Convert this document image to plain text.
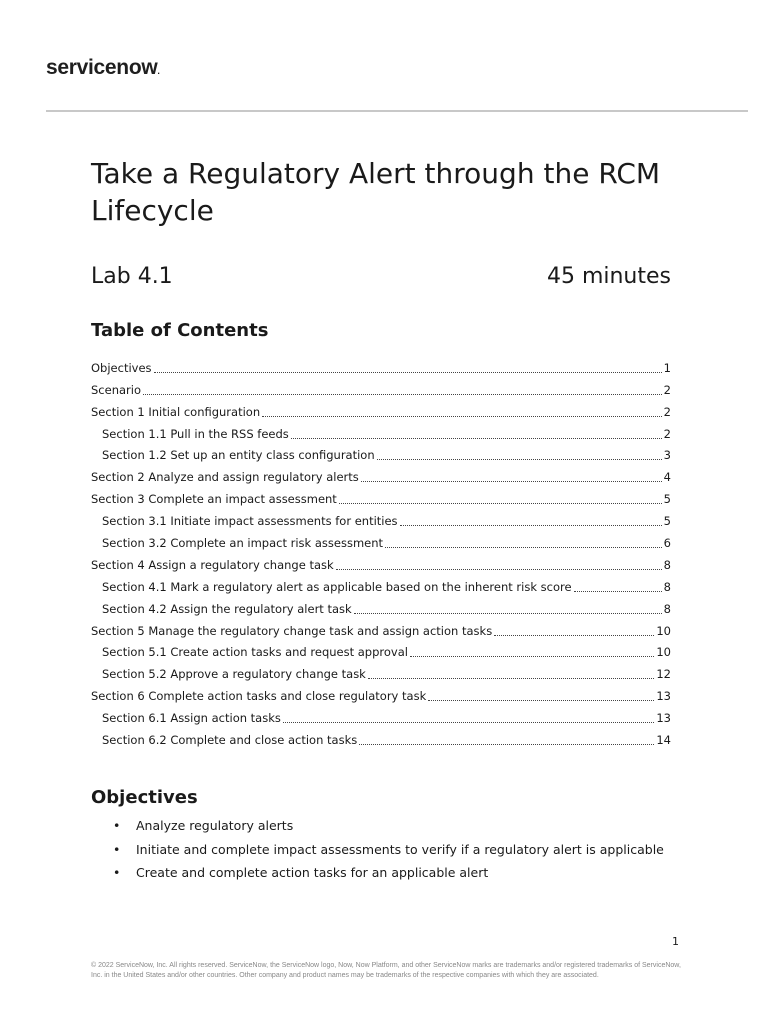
servicenow.
Take a Regulatory Alert through the RCM Lifecycle
Lab 4.1	45 minutes
Table of Contents
Objectives	1
Scenario	2
Section 1 Initial configuration	2
Section 1.1 Pull in the RSS feeds	2
Section 1.2 Set up an entity class configuration	3
Section 2 Analyze and assign regulatory alerts	4
Section 3 Complete an impact assessment	5
Section 3.1 Initiate impact assessments for entities	5
Section 3.2 Complete an impact risk assessment	6
Section 4 Assign a regulatory change task	8
Section 4.1 Mark a regulatory alert as applicable based on the inherent risk score	8
Section 4.2 Assign the regulatory alert task	8
Section 5 Manage the regulatory change task and assign action tasks	10
Section 5.1 Create action tasks and request approval	10
Section 5.2 Approve a regulatory change task	12
Section 6 Complete action tasks and close regulatory task	13
Section 6.1 Assign action tasks	13
Section 6.2 Complete and close action tasks	14
Objectives
•	Analyze regulatory alerts
•	Initiate and complete impact assessments to verify if a regulatory alert is applicable
•	Create and complete action tasks for an applicable alert
1
© 2022 ServiceNow, Inc. All rights reserved. ServiceNow, the ServiceNow logo, Now, Now Platform, and other ServiceNow marks are trademarks and/or registered trademarks of ServiceNow, Inc. in the United States and/or other countries. Other company and product names may be trademarks of the respective companies with which they are associated.
